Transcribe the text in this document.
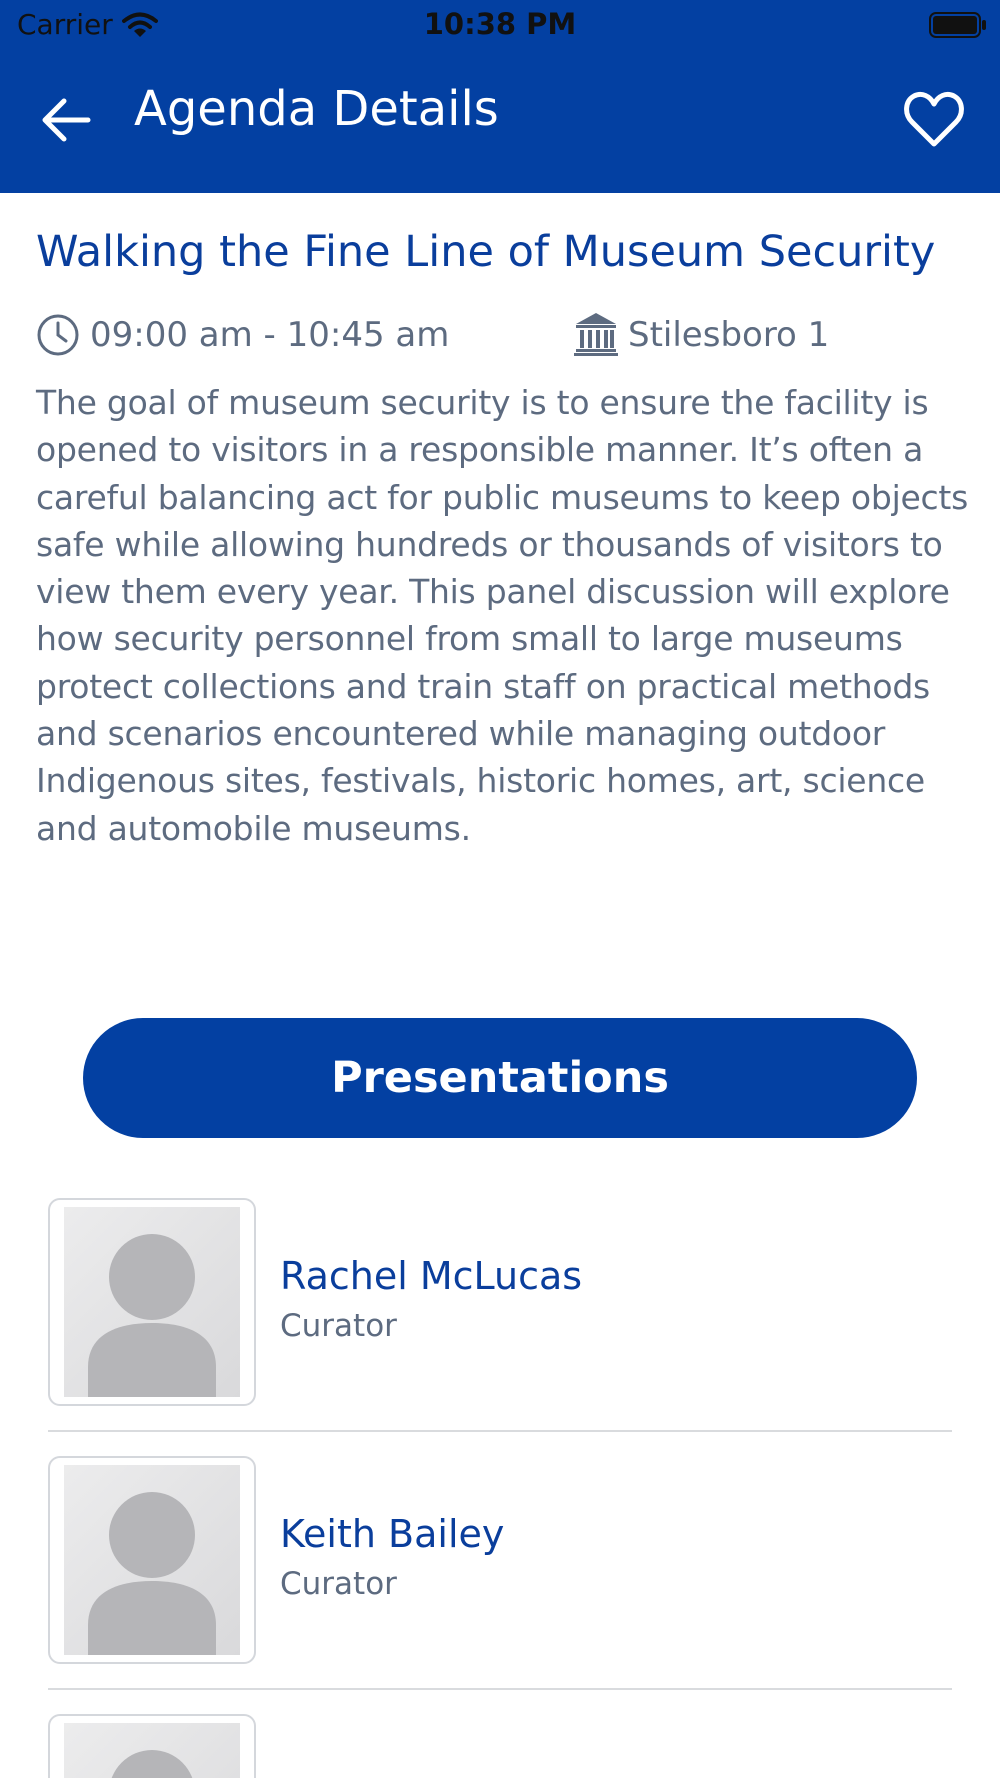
Carrier	10:38 PM
Agenda Details
Walking the Fine Line of Museum Security
09:00 am - 10:45 am	Stilesboro 1
The goal of museum security is to ensure the facility is opened to visitors in a responsible manner. It’s often a careful balancing act for public museums to keep objects safe while allowing hundreds or thousands of visitors to view them every year. This panel discussion will explore how security personnel from small to large museums protect collections and train staff on practical methods and scenarios encountered while managing outdoor Indigenous sites, festivals, historic homes, art, science and automobile museums.
Presentations
Rachel McLucas
Curator
Keith Bailey
Curator
